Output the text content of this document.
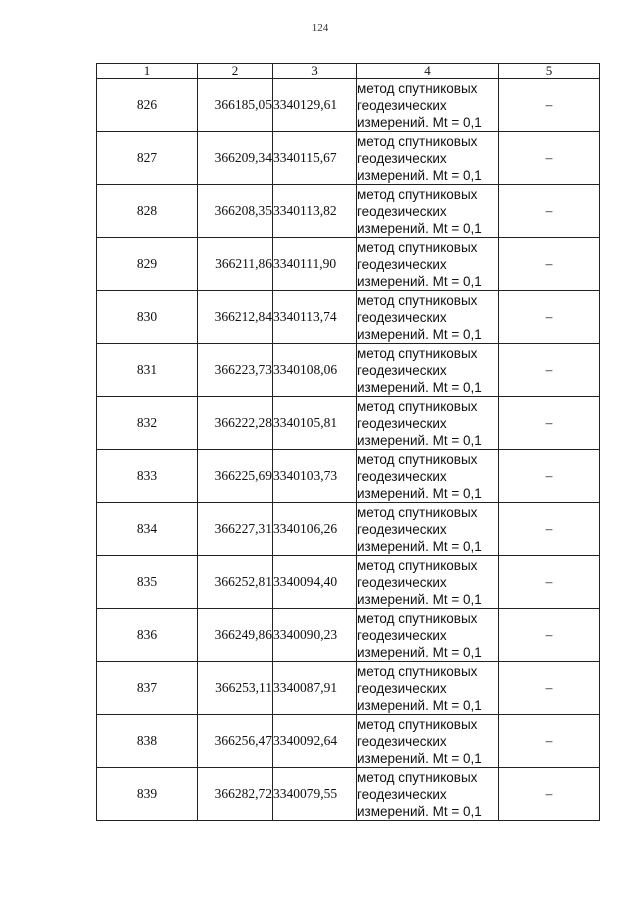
124
1	2	3	4	5
826	366185,05	3340129,61	метод спутниковых
геодезических
измерений. Mt = 0,1	–
827	366209,34	3340115,67	метод спутниковых
геодезических
измерений. Mt = 0,1	–
828	366208,35	3340113,82	метод спутниковых
геодезических
измерений. Mt = 0,1	–
829	366211,86	3340111,90	метод спутниковых
геодезических
измерений. Mt = 0,1	–
830	366212,84	3340113,74	метод спутниковых
геодезических
измерений. Mt = 0,1	–
831	366223,73	3340108,06	метод спутниковых
геодезических
измерений. Mt = 0,1	–
832	366222,28	3340105,81	метод спутниковых
геодезических
измерений. Mt = 0,1	–
833	366225,69	3340103,73	метод спутниковых
геодезических
измерений. Mt = 0,1	–
834	366227,31	3340106,26	метод спутниковых
геодезических
измерений. Mt = 0,1	–
835	366252,81	3340094,40	метод спутниковых
геодезических
измерений. Mt = 0,1	–
836	366249,86	3340090,23	метод спутниковых
геодезических
измерений. Mt = 0,1	–
837	366253,11	3340087,91	метод спутниковых
геодезических
измерений. Mt = 0,1	–
838	366256,47	3340092,64	метод спутниковых
геодезических
измерений. Mt = 0,1	–
839	366282,72	3340079,55	метод спутниковых
геодезических
измерений. Mt = 0,1	–
